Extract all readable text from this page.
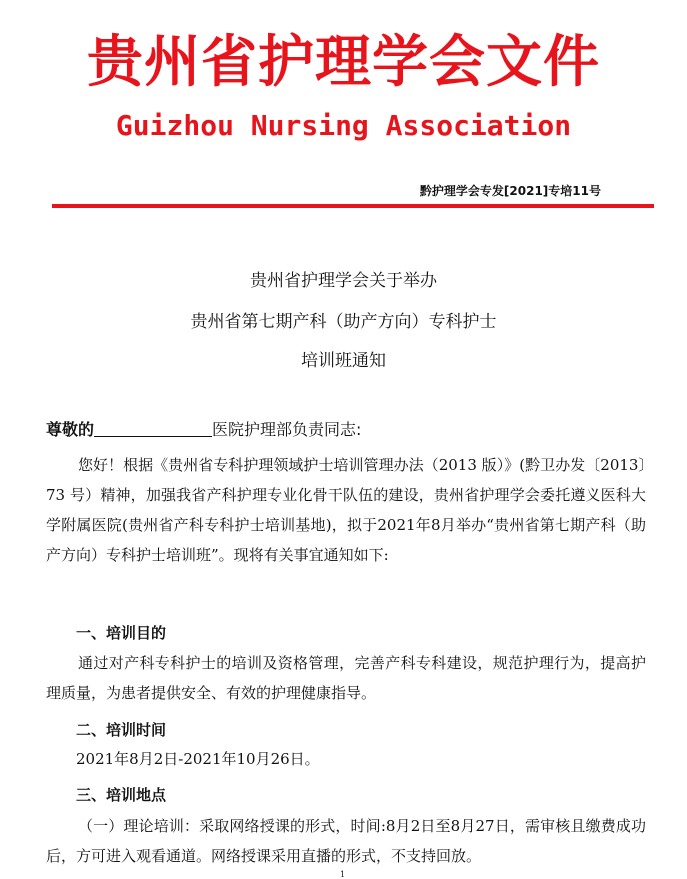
贵州省护理学会文件
Guizhou Nursing Association
黔护理学会专发[2021]专培11号
贵州省护理学会关于举办
贵州省第七期产科（助产方向）专科护士
培训班通知
尊敬的	医院护理部负责同志:
您好！根据《贵州省专科护理领域护士培训管理办法（2013 版）》(黔卫办发〔2013〕73 号）精神，加强我省产科护理专业化骨干队伍的建设，贵州省护理学会委托遵义医科大学附属医院(贵州省产科专科护士培训基地)，拟于2021年8月举办“贵州省第七期产科（助产方向）专科护士培训班”。现将有关事宜通知如下:
一、培训目的
通过对产科专科护士的培训及资格管理，完善产科专科建设，规范护理行为，提高护理质量，为患者提供安全、有效的护理健康指导。
二、培训时间
2021年8月2日-2021年10月26日。
三、培训地点
（一）理论培训：采取网络授课的形式，时间:8月2日至8月27日，需审核且缴费成功后，方可进入观看通道。网络授课采用直播的形式，不支持回放。
1
